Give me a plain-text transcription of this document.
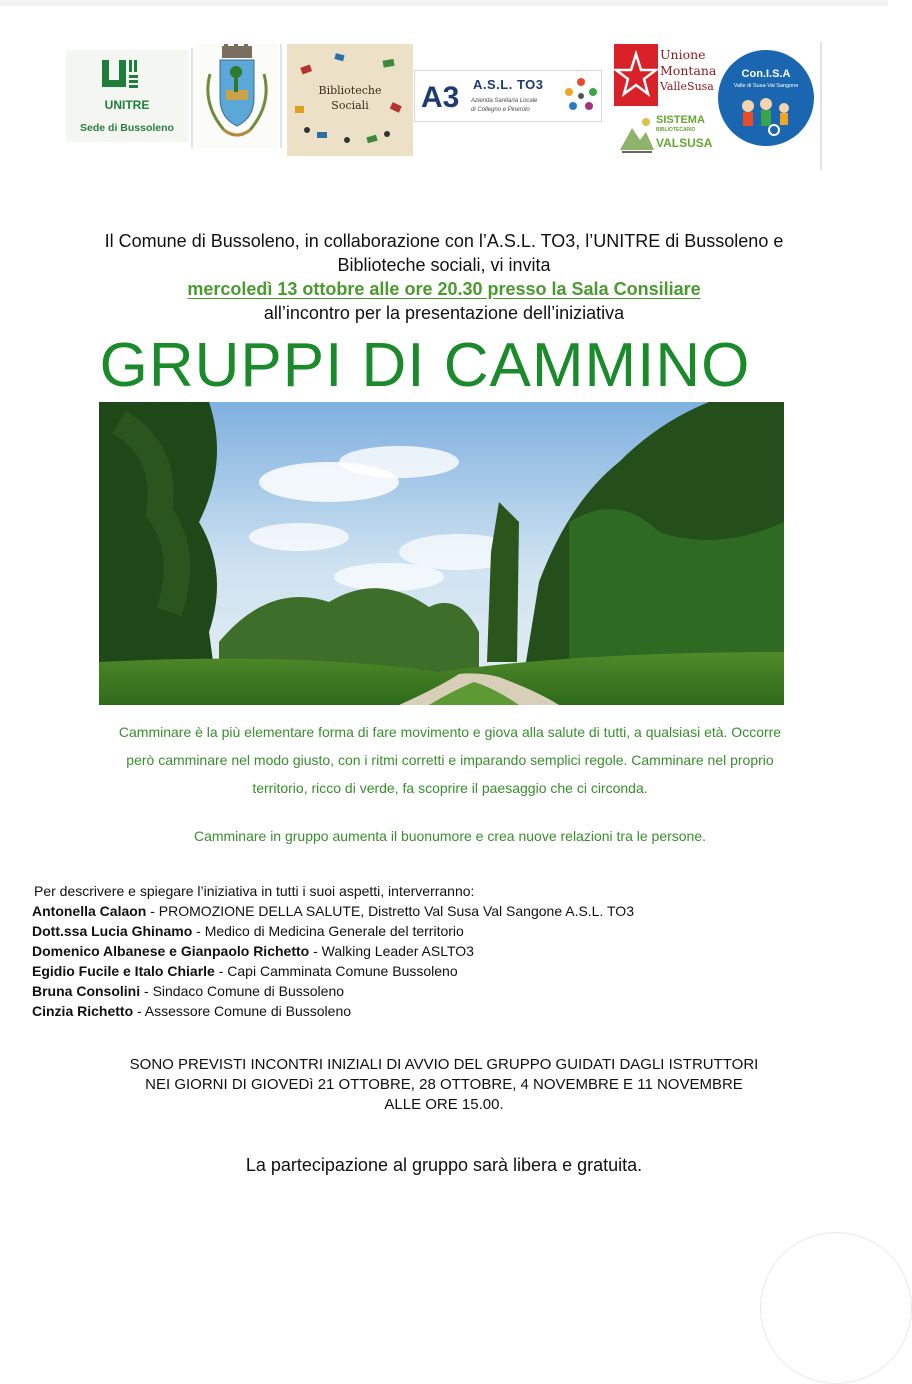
UNITRE
Sede di Bussoleno
Biblioteche
Sociali	A3 A.S.L. TO3
Azienda Sanitaria Locale
di Collegno e Pinerolo
Unione
Montana
ValleSusa
SISTEMA
BIBLIOTECARIO
VALSUSA
Con.I.S.A
Valle di Susa-Val Sangone
Il Comune di Bussoleno, in collaborazione con l’A.S.L. TO3, l’UNITRE di Bussoleno e
Biblioteche sociali, vi invita
mercoledì 13 ottobre alle ore 20.30 presso la Sala Consiliare
all’incontro per la presentazione dell’iniziativa
GRUPPI DI CAMMINO
Camminare è la più elementare forma di fare movimento e giova alla salute di tutti, a qualsiasi età. Occorre
però camminare nel modo giusto, con i ritmi corretti e imparando semplici regole. Camminare nel proprio
territorio, ricco di verde, fa scoprire il paesaggio che ci circonda.
Camminare in gruppo aumenta il buonumore e crea nuove relazioni tra le persone.
Per descrivere e spiegare l’iniziativa in tutti i suoi aspetti, interverranno:
Antonella Calaon - PROMOZIONE DELLA SALUTE, Distretto Val Susa Val Sangone A.S.L. TO3
Dott.ssa Lucia Ghinamo - Medico di Medicina Generale del territorio
Domenico Albanese e Gianpaolo Richetto - Walking Leader ASLTO3
Egidio Fucile e Italo Chiarle - Capi Camminata Comune Bussoleno
Bruna Consolini - Sindaco Comune di Bussoleno
Cinzia Richetto - Assessore Comune di Bussoleno
SONO PREVISTI INCONTRI INIZIALI DI AVVIO DEL GRUPPO GUIDATI DAGLI ISTRUTTORI
NEI GIORNI DI GIOVEDì 21 OTTOBRE, 28 OTTOBRE, 4 NOVEMBRE E 11 NOVEMBRE
ALLE ORE 15.00.
La partecipazione al gruppo sarà libera e gratuita.
